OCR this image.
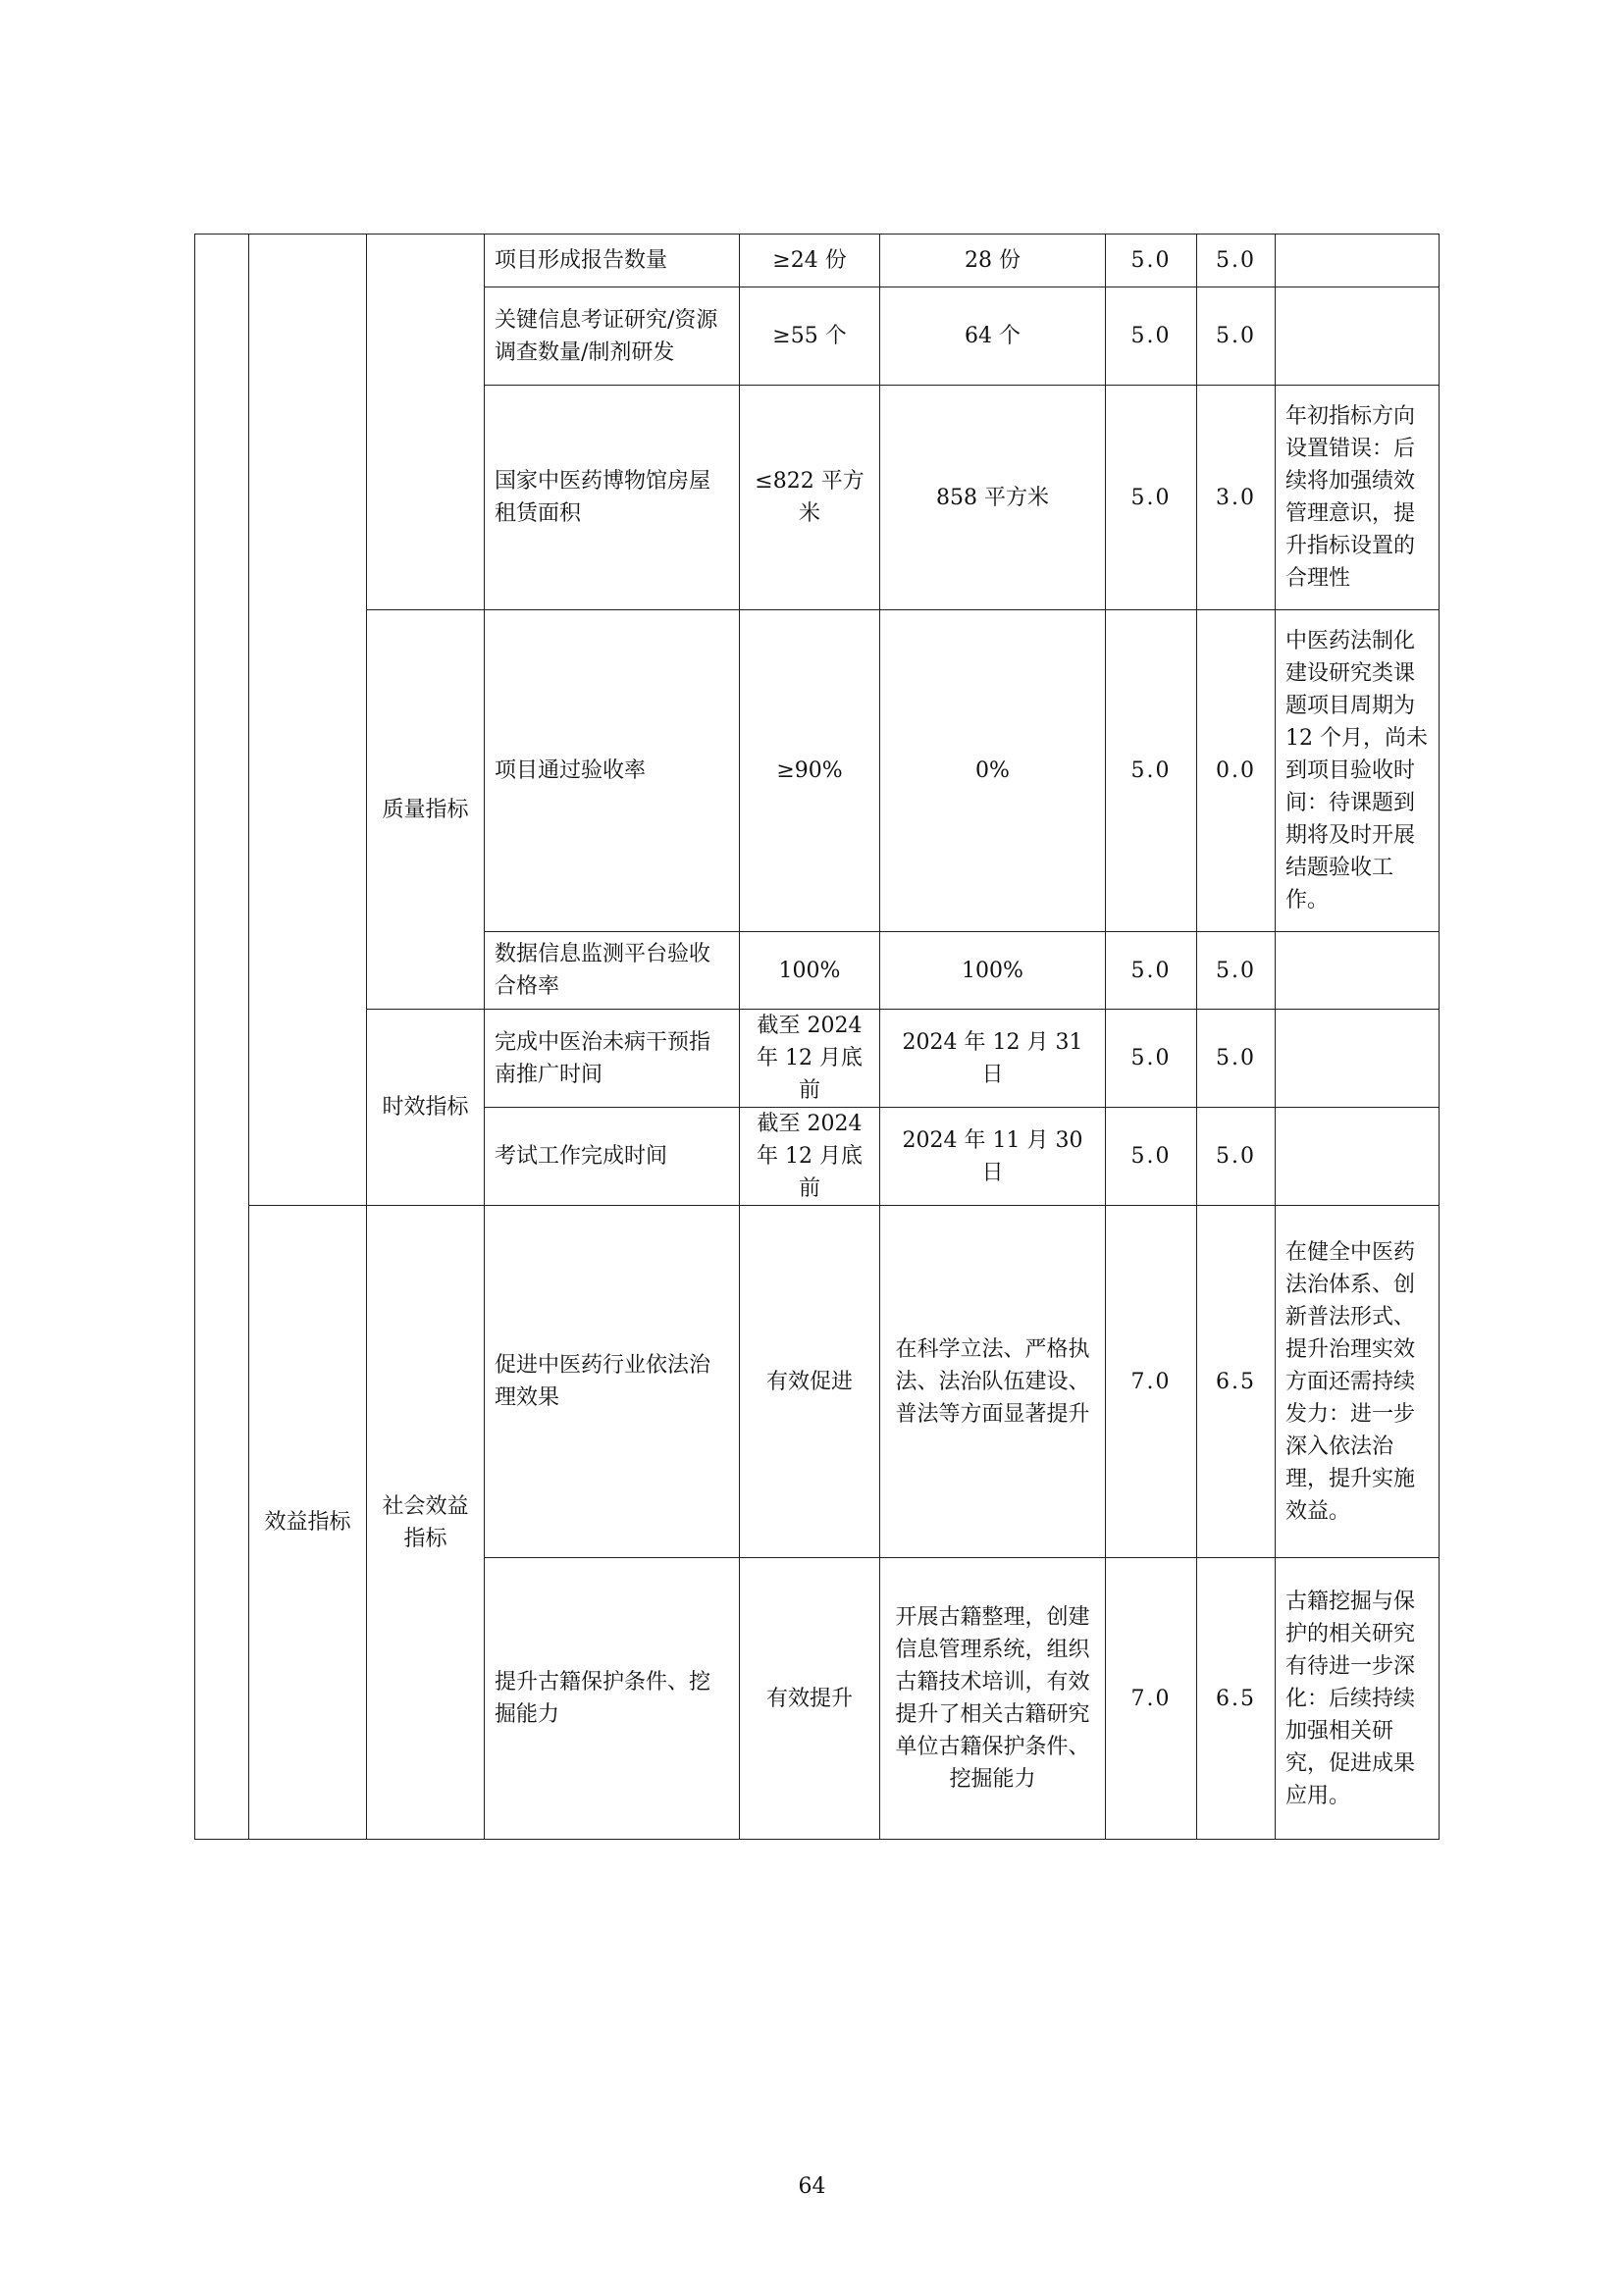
			项目形成报告数量	≥24 份	28 份	5.0	5.0	
			关键信息考证研究/资源调查数量/制剂研发	≥55 个	64 个	5.0	5.0	
			国家中医药博物馆房屋租赁面积	≤822 平方米	858 平方米	5.0	3.0	年初指标方向设置错误：后续将加强绩效管理意识，提升指标设置的合理性
		质量指标	项目通过验收率	≥90%	0%	5.0	0.0	中医药法制化建设研究类课题项目周期为 12 个月，尚未到项目验收时间：待课题到期将及时开展结题验收工作。
			数据信息监测平台验收合格率	100%	100%	5.0	5.0	
		时效指标	完成中医治未病干预指南推广时间	截至 2024 年 12 月底前	2024 年 12 月 31 日	5.0	5.0	
			考试工作完成时间	截至 2024 年 12 月底前	2024 年 11 月 30 日	5.0	5.0	
	效益指标	社会效益指标	促进中医药行业依法治理效果	有效促进	在科学立法、严格执法、法治队伍建设、普法等方面显著提升	7.0	6.5	在健全中医药法治体系、创新普法形式、提升治理实效方面还需持续发力：进一步深入依法治理，提升实施效益。
			提升古籍保护条件、挖掘能力	有效提升	开展古籍整理，创建信息管理系统，组织古籍技术培训，有效提升了相关古籍研究单位古籍保护条件、挖掘能力	7.0	6.5	古籍挖掘与保护的相关研究有待进一步深化：后续持续加强相关研究，促进成果应用。
64
